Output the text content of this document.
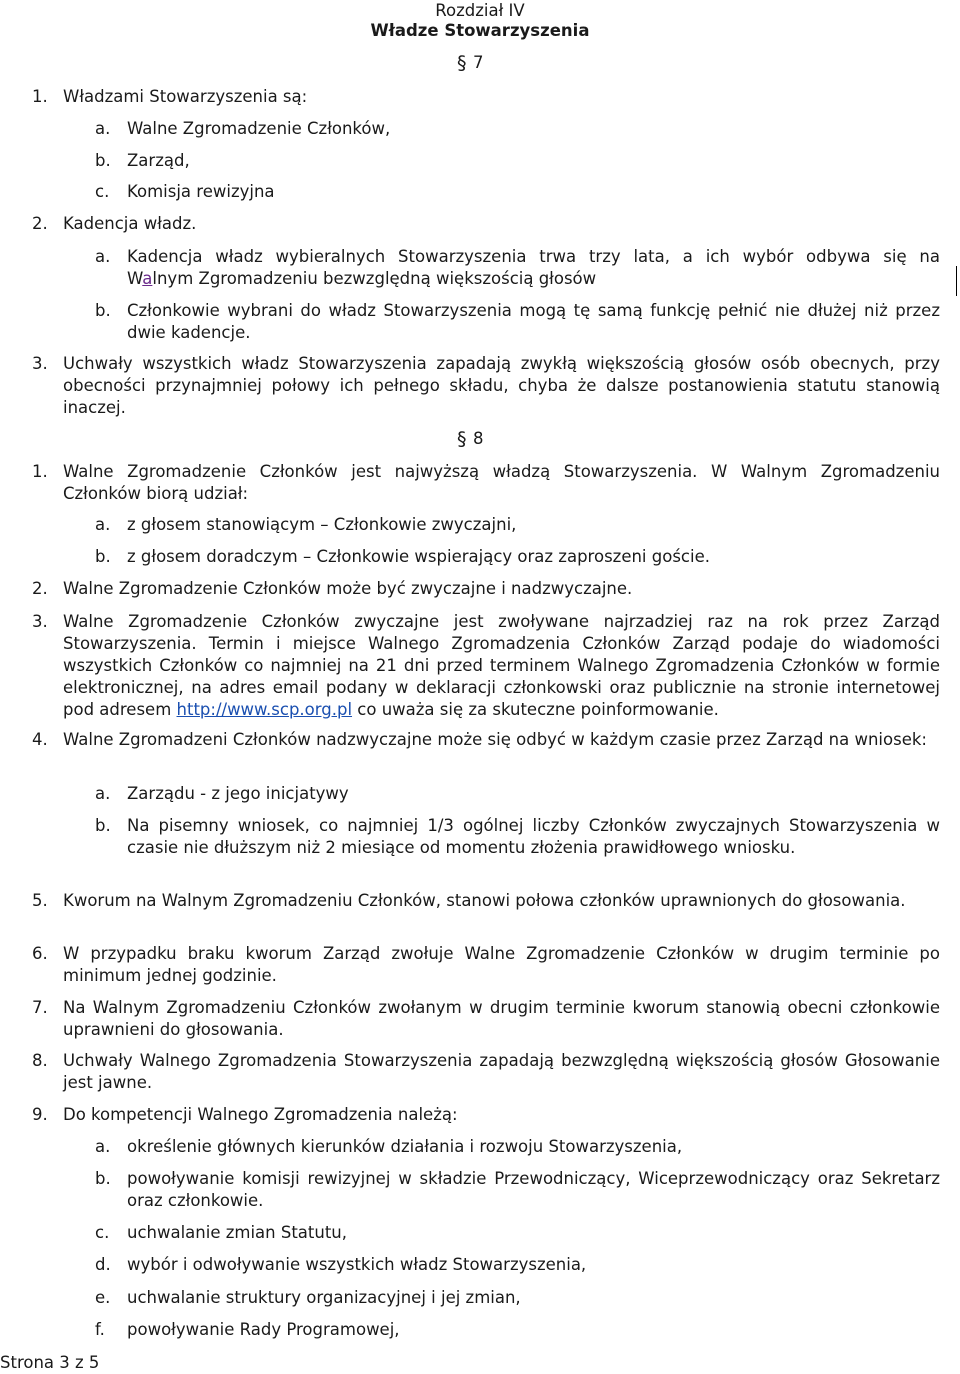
Rozdział IV
Władze Stowarzyszenia
§ 7
1. Władzami Stowarzyszenia są:
a. Walne Zgromadzenie Członków,
b. Zarząd,
c. Komisja rewizyjna
2. Kadencja władz.
a. Kadencja władz wybieralnych Stowarzyszenia trwa trzy lata, a ich wybór odbywa się na
Walnym Zgromadzeniu bezwzględną większością głosów
b. Członkowie wybrani do władz Stowarzyszenia mogą tę samą funkcję pełnić nie dłużej niż przez dwie kadencje.
3. Uchwały wszystkich władz Stowarzyszenia zapadają zwykłą większością głosów osób obecnych, przy obecności przynajmniej połowy ich pełnego składu, chyba że dalsze postanowienia statutu stanowią inaczej.
§ 8
1. Walne Zgromadzenie Członków jest najwyższą władzą Stowarzyszenia. W Walnym Zgromadzeniu Członków biorą udział:
a. z głosem stanowiącym – Członkowie zwyczajni,
b. z głosem doradczym – Członkowie wspierający oraz zaproszeni goście.
2. Walne Zgromadzenie Członków może być zwyczajne i nadzwyczajne.
3. Walne Zgromadzenie Członków zwyczajne jest zwoływane najrzadziej raz na rok przez Zarząd Stowarzyszenia. Termin i miejsce Walnego Zgromadzenia Członków Zarząd podaje do wiadomości wszystkich Członków co najmniej na 21 dni przed terminem Walnego Zgromadzenia Członków w formie elektronicznej, na adres email podany w deklaracji członkowski oraz publicznie na stronie internetowej pod adresem http://www.scp.org.pl co uważa się za skuteczne poinformowanie.
4. Walne Zgromadzeni Członków nadzwyczajne może się odbyć w każdym czasie przez Zarząd na wniosek:
a. Zarządu - z jego inicjatywy
b. Na pisemny wniosek, co najmniej 1/3 ogólnej liczby Członków zwyczajnych Stowarzyszenia w czasie nie dłuższym niż 2 miesiące od momentu złożenia prawidłowego wniosku.
5. Kworum na Walnym Zgromadzeniu Członków, stanowi połowa członków uprawnionych do głosowania.
6. W przypadku braku kworum Zarząd zwołuje Walne Zgromadzenie Członków w drugim terminie po minimum jednej godzinie.
7. Na Walnym Zgromadzeniu Członków zwołanym w drugim terminie kworum stanowią obecni członkowie uprawnieni do głosowania.
8. Uchwały Walnego Zgromadzenia Stowarzyszenia zapadają bezwzględną większością głosów Głosowanie jest jawne.
9. Do kompetencji Walnego Zgromadzenia należą:
a. określenie głównych kierunków działania i rozwoju Stowarzyszenia,
b. powoływanie komisji rewizyjnej w składzie Przewodniczący, Wiceprzewodniczący oraz Sekretarz oraz członkowie.
c. uchwalanie zmian Statutu,
d. wybór i odwoływanie wszystkich władz Stowarzyszenia,
e. uchwalanie struktury organizacyjnej i jej zmian,
f. powoływanie Rady Programowej,
Strona 3 z 5
